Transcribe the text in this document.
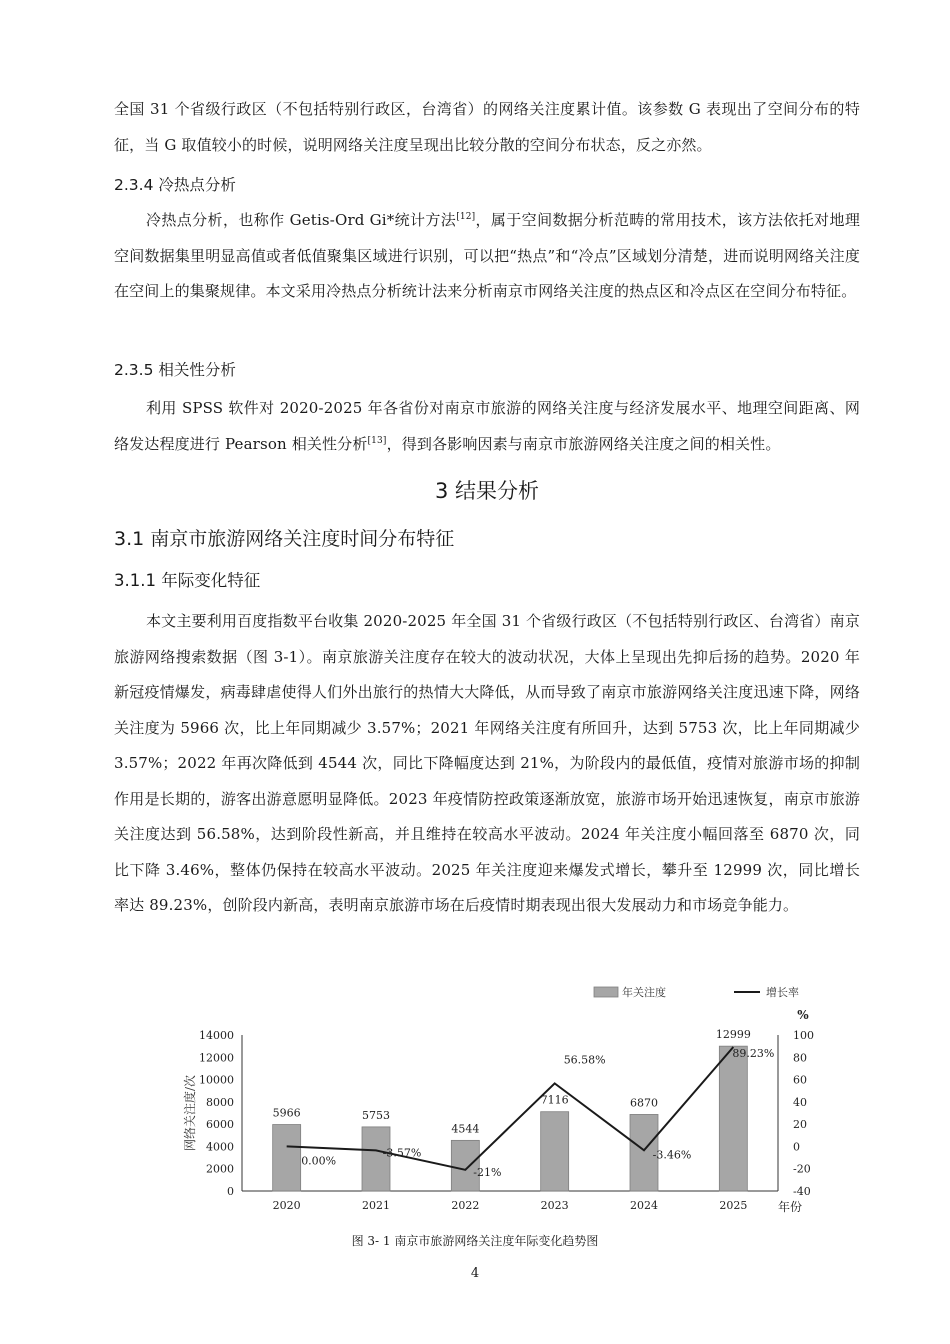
全国 31 个省级行政区（不包括特别行政区，台湾省）的网络关注度累计值。该参数 G 表现出了空间分布的特征，当 G 取值较小的时候，说明网络关注度呈现出比较分散的空间分布状态，反之亦然。

2.3.4 冷热点分析

冷热点分析，也称作 Getis-Ord Gi*统计方法[12]，属于空间数据分析范畴的常用技术，该方法依托对地理空间数据集里明显高值或者低值聚集区域进行识别，可以把“热点”和“冷点”区域划分清楚，进而说明网络关注度在空间上的集聚规律。本文采用冷热点分析统计法来分析南京市网络关注度的热点区和冷点区在空间分布特征。

2.3.5 相关性分析

利用 SPSS 软件对 2020-2025 年各省份对南京市旅游的网络关注度与经济发展水平、地理空间距离、网络发达程度进行 Pearson 相关性分析[13]，得到各影响因素与南京市旅游网络关注度之间的相关性。

3 结果分析
3.1 南京市旅游网络关注度时间分布特征
3.1.1 年际变化特征

本文主要利用百度指数平台收集 2020-2025 年全国 31 个省级行政区（不包括特别行政区、台湾省）南京旅游网络搜索数据（图 3-1）。南京旅游关注度存在较大的波动状况，大体上呈现出先抑后扬的趋势。2020 年新冠疫情爆发，病毒肆虐使得人们外出旅行的热情大大降低，从而导致了南京市旅游网络关注度迅速下降，网络关注度为 5966 次，比上年同期减少 3.57%；2021 年网络关注度有所回升，达到 5753 次，比上年同期减少 3.57%；2022 年再次降低到 4544 次，同比下降幅度达到 21%，为阶段内的最低值，疫情对旅游市场的抑制作用是长期的，游客出游意愿明显降低。2023 年疫情防控政策逐渐放宽，旅游市场开始迅速恢复，南京市旅游关注度达到 56.58%，达到阶段性新高，并且维持在较高水平波动。2024 年关注度小幅回落至 6870 次，同比下降 3.46%，整体仍保持在较高水平波动。2025 年关注度迎来爆发式增长，攀升至 12999 次，同比增长率达 89.23%，创阶段内新高，表明南京旅游市场在后疫情时期表现出很大发展动力和市场竞争能力。

0
2000
4000
6000
8000
10000
12000
14000
-40
-20
0
20
40
60
80
100
%
网络关注度/次
2020	2021	2022	2023	2024	2025	年份
5966	5753
4544
7116	6870
12999
0.00%
-3.57%
-21%
56.58%
-3.46%
89.23%
年关注度	增长率
图 3- 1 南京市旅游网络关注度年际变化趋势图
4
